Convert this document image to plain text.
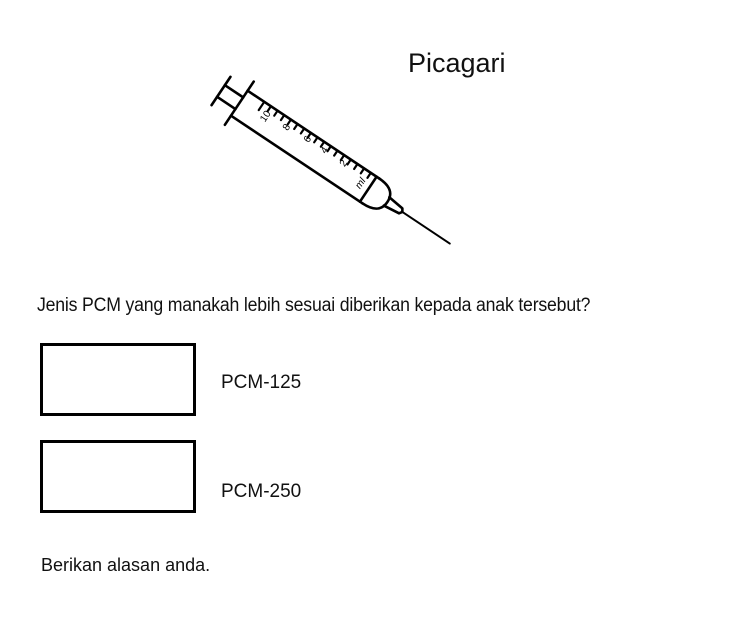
10
8
6
4
2
ml
Picagari
Jenis PCM yang manakah lebih sesuai diberikan kepada anak tersebut?
PCM-125
PCM-250
Berikan alasan anda.
